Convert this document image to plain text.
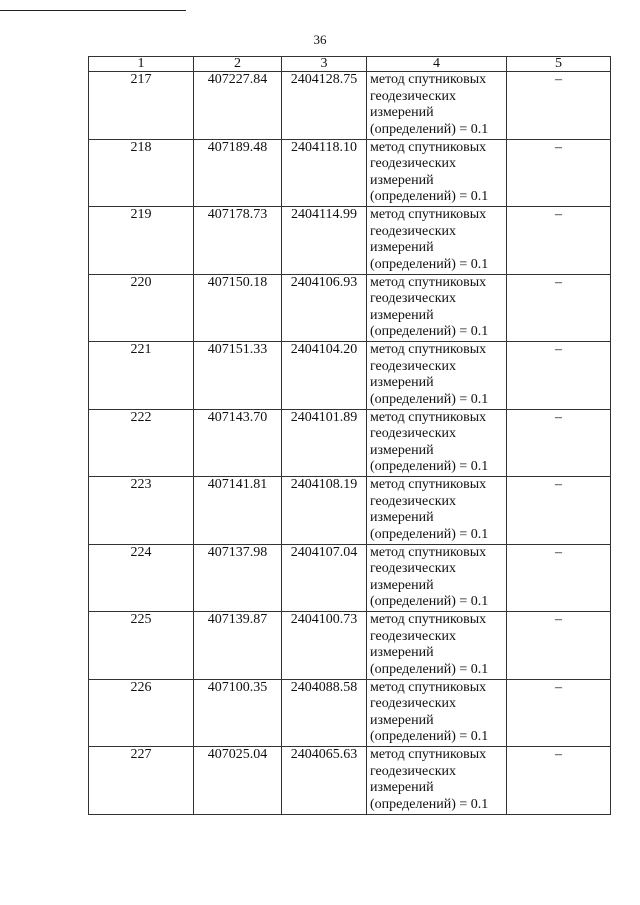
36
1	2	3	4	5
217	407227.84	2404128.75	метод спутниковых геодезических измерений (определений) = 0.1	–
218	407189.48	2404118.10	метод спутниковых геодезических измерений (определений) = 0.1	–
219	407178.73	2404114.99	метод спутниковых геодезических измерений (определений) = 0.1	–
220	407150.18	2404106.93	метод спутниковых геодезических измерений (определений) = 0.1	–
221	407151.33	2404104.20	метод спутниковых геодезических измерений (определений) = 0.1	–
222	407143.70	2404101.89	метод спутниковых геодезических измерений (определений) = 0.1	–
223	407141.81	2404108.19	метод спутниковых геодезических измерений (определений) = 0.1	–
224	407137.98	2404107.04	метод спутниковых геодезических измерений (определений) = 0.1	–
225	407139.87	2404100.73	метод спутниковых геодезических измерений (определений) = 0.1	–
226	407100.35	2404088.58	метод спутниковых геодезических измерений (определений) = 0.1	–
227	407025.04	2404065.63	метод спутниковых геодезических измерений (определений) = 0.1	–
